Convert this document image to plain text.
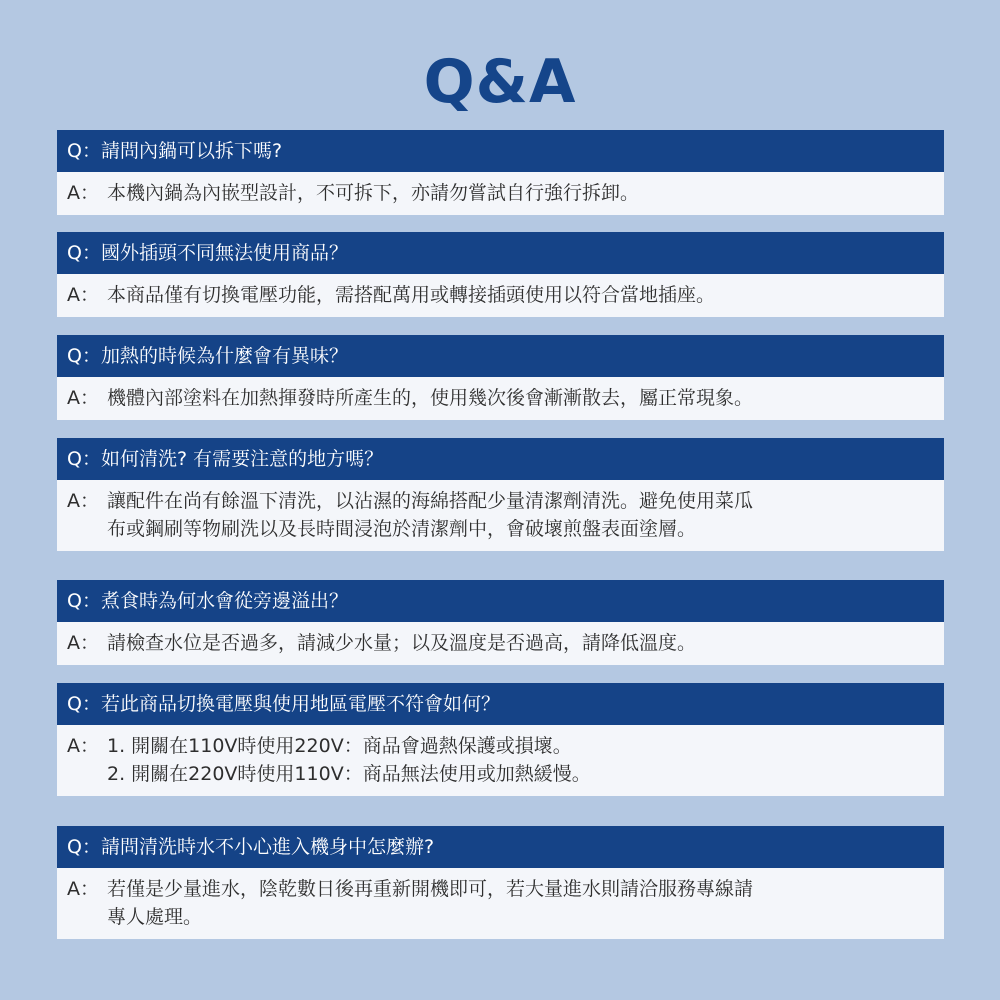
Q&A
Q：請問內鍋可以拆下嗎?
A： 本機內鍋為內嵌型設計，不可拆下，亦請勿嘗試自行強行拆卸。
Q：國外插頭不同無法使用商品？
A： 本商品僅有切換電壓功能，需搭配萬用或轉接插頭使用以符合當地插座。
Q：加熱的時候為什麼會有異味？
A： 機體內部塗料在加熱揮發時所產生的，使用幾次後會漸漸散去，屬正常現象。
Q：如何清洗? 有需要注意的地方嗎？
A： 讓配件在尚有餘溫下清洗，以沾濕的海綿搭配少量清潔劑清洗。避免使用菜瓜
布或鋼刷等物刷洗以及長時間浸泡於清潔劑中，會破壞煎盤表面塗層。
Q：煮食時為何水會從旁邊溢出？
A： 請檢查水位是否過多，請減少水量；以及溫度是否過高，請降低溫度。
Q：若此商品切換電壓與使用地區電壓不符會如何？
A： 1. 開關在110V時使用220V：商品會過熱保護或損壞。
2. 開關在220V時使用110V：商品無法使用或加熱緩慢。
Q：請問清洗時水不小心進入機身中怎麼辦?
A： 若僅是少量進水，陰乾數日後再重新開機即可，若大量進水則請洽服務專線請
專人處理。
